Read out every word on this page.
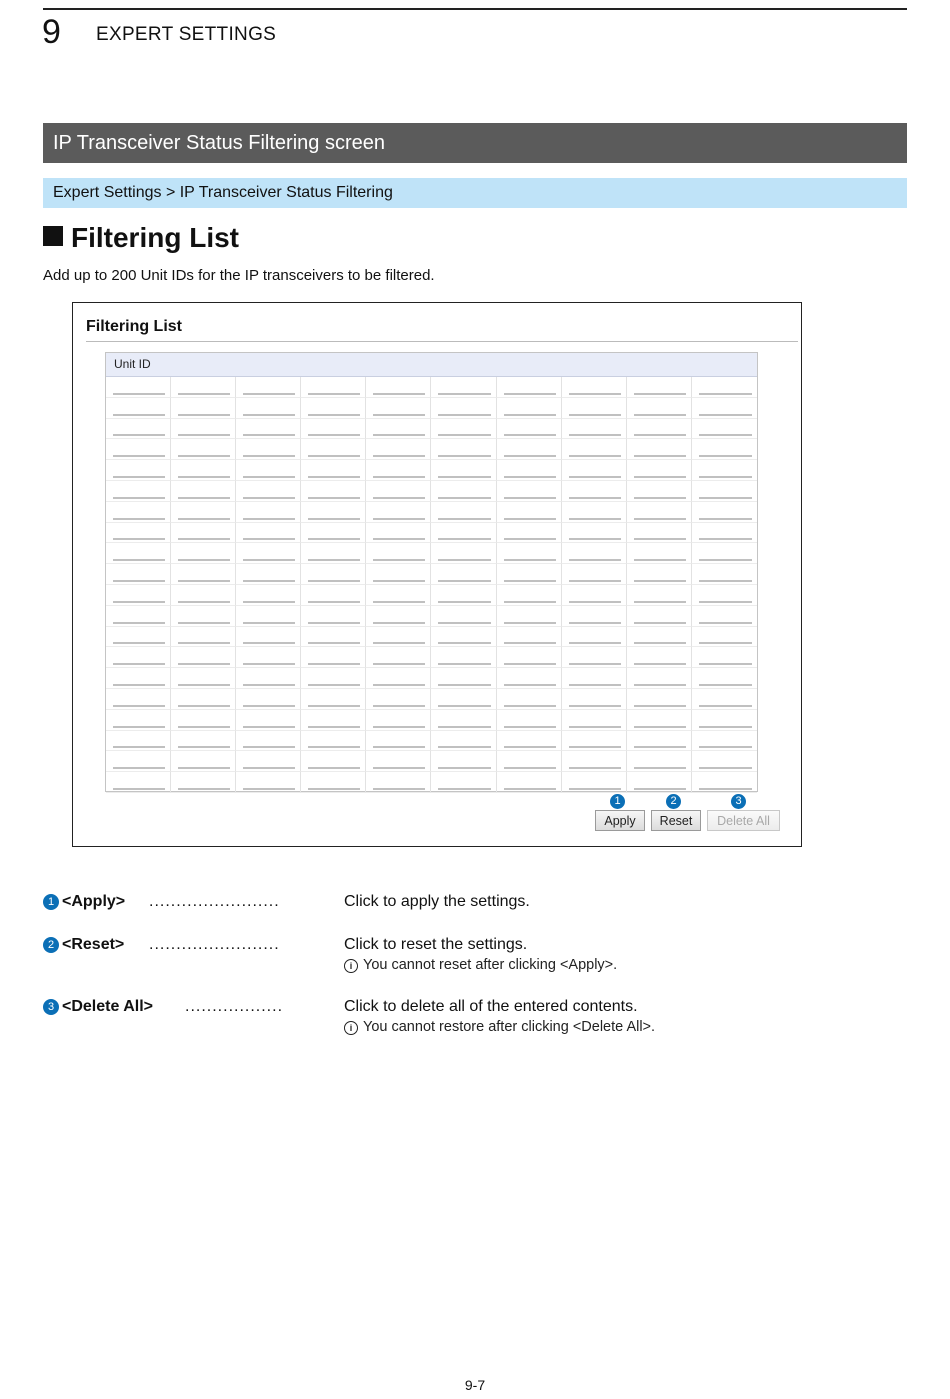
9 EXPERT SETTINGS
IP Transceiver Status Filtering screen
Expert Settings > IP Transceiver Status Filtering
Filtering List
Add up to 200 Unit IDs for the IP transceivers to be filtered.
Filtering List
Unit ID
1	2	3
Apply	Reset	Delete All
1 <Apply> ........................	Click to apply the settings.
2 <Reset> ........................	Click to reset the settings.
i You cannot reset after clicking <Apply>.
3 <Delete All> ..................	Click to delete all of the entered contents.
i You cannot restore after clicking <Delete All>.
9-7
